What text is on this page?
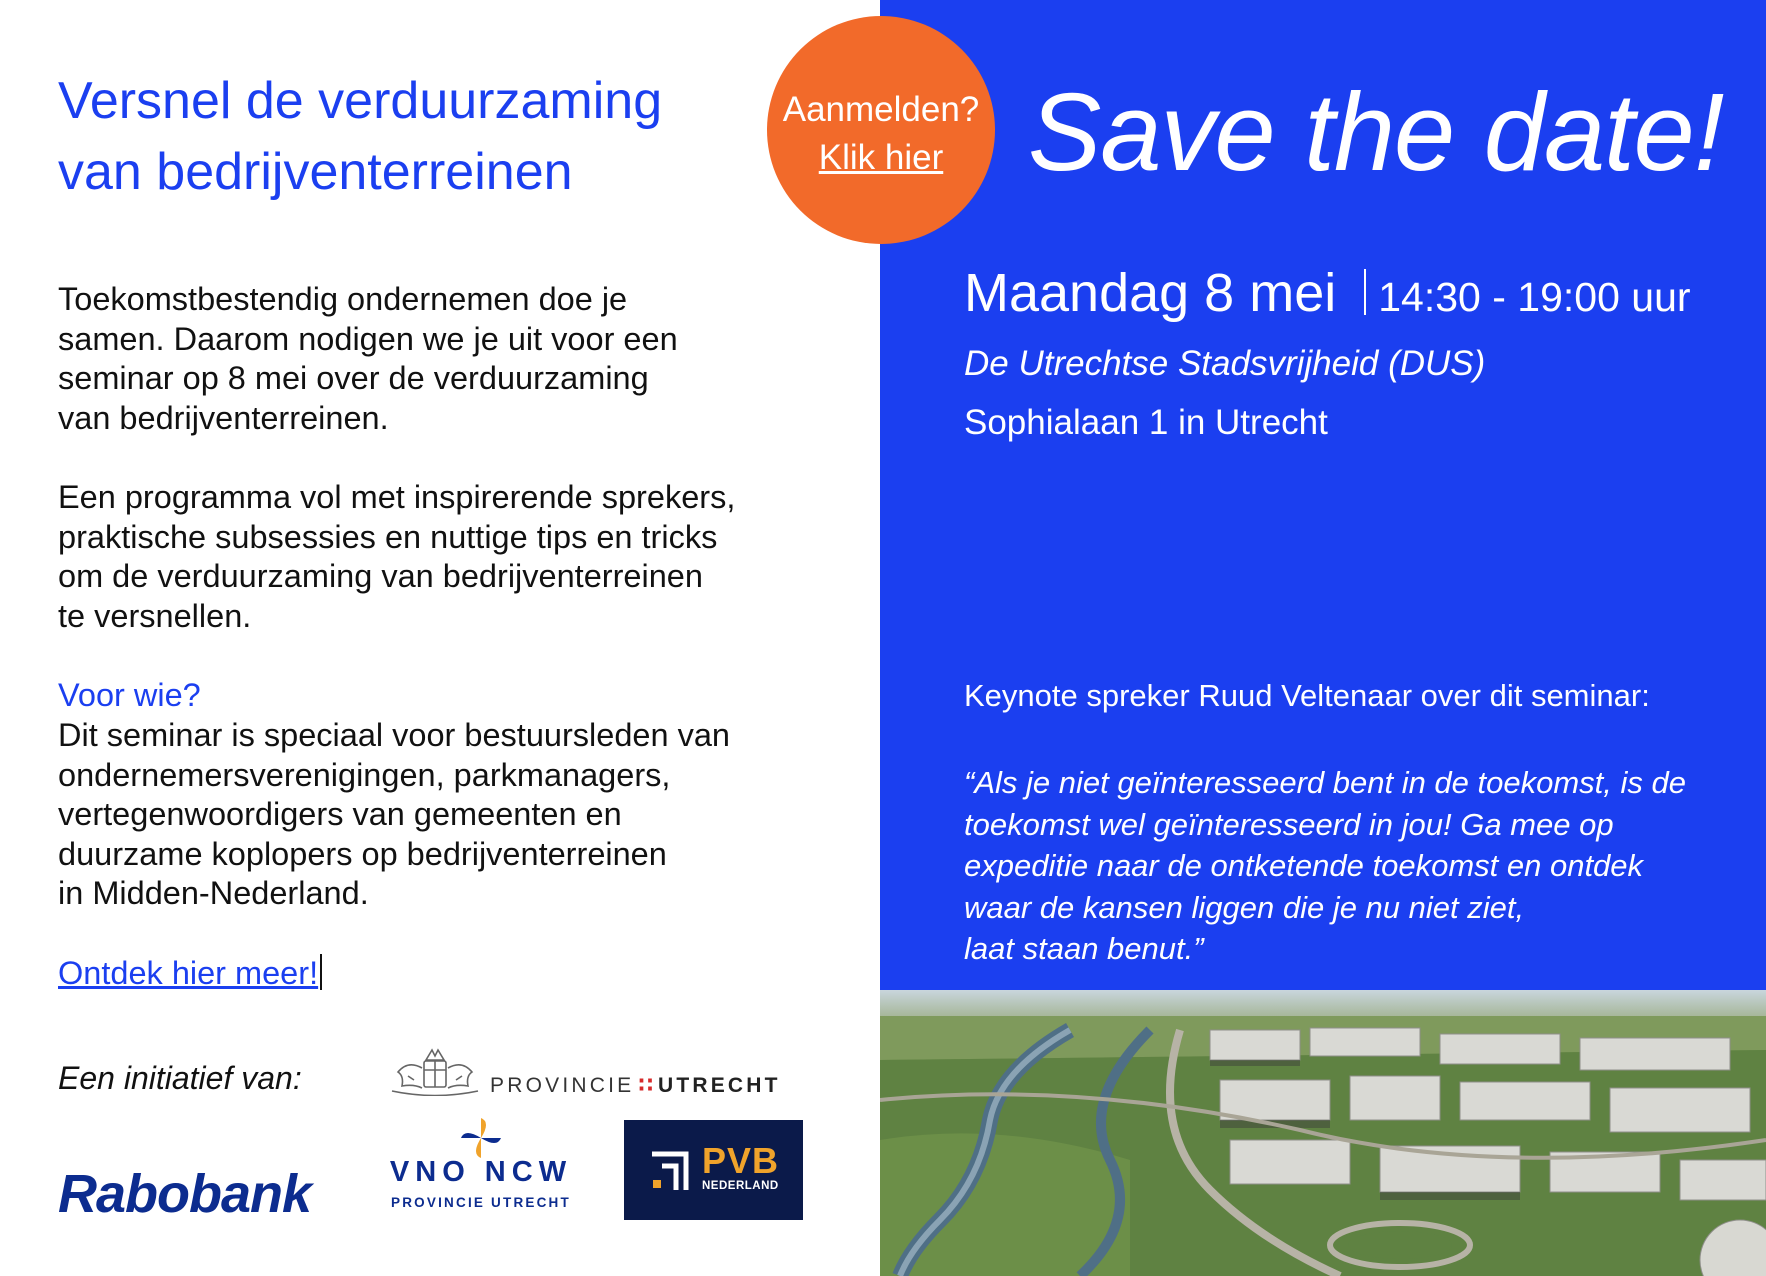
Versnel de verduurzaming
van bedrijventerreinen

Toekomstbestendig ondernemen doe je
samen. Daarom nodigen we je uit voor een
seminar op 8 mei over de verduurzaming
van bedrijventerreinen.

Een programma vol met inspirerende sprekers,
praktische subsessies en nuttige tips en tricks
om de verduurzaming van bedrijventerreinen
te versnellen.

Voor wie?

Dit seminar is speciaal voor bestuursleden van
ondernemersverenigingen, parkmanagers,
vertegenwoordigers van gemeenten en
duurzame koplopers op bedrijventerreinen
in Midden-Nederland.

Ontdek hier meer!
Een initiatief van:	PROVINCIE ∷ UTRECHT
Rabobank	VNO NCW
PROVINCIE UTRECHT
PVB
NEDERLAND
Save the date!
Maandag 8 mei 14:30 - 19:00 uur
De Utrechtse Stadsvrijheid (DUS)
Sophialaan 1 in Utrecht
Keynote spreker Ruud Veltenaar over dit seminar:

“Als je niet geïnteresseerd bent in de toekomst, is de
toekomst wel geïnteresseerd in jou! Ga mee op
expeditie naar de ontketende toekomst en ontdek
waar de kansen liggen die je nu niet ziet,
laat staan benut.”

Aanmelden?
Klik hier
